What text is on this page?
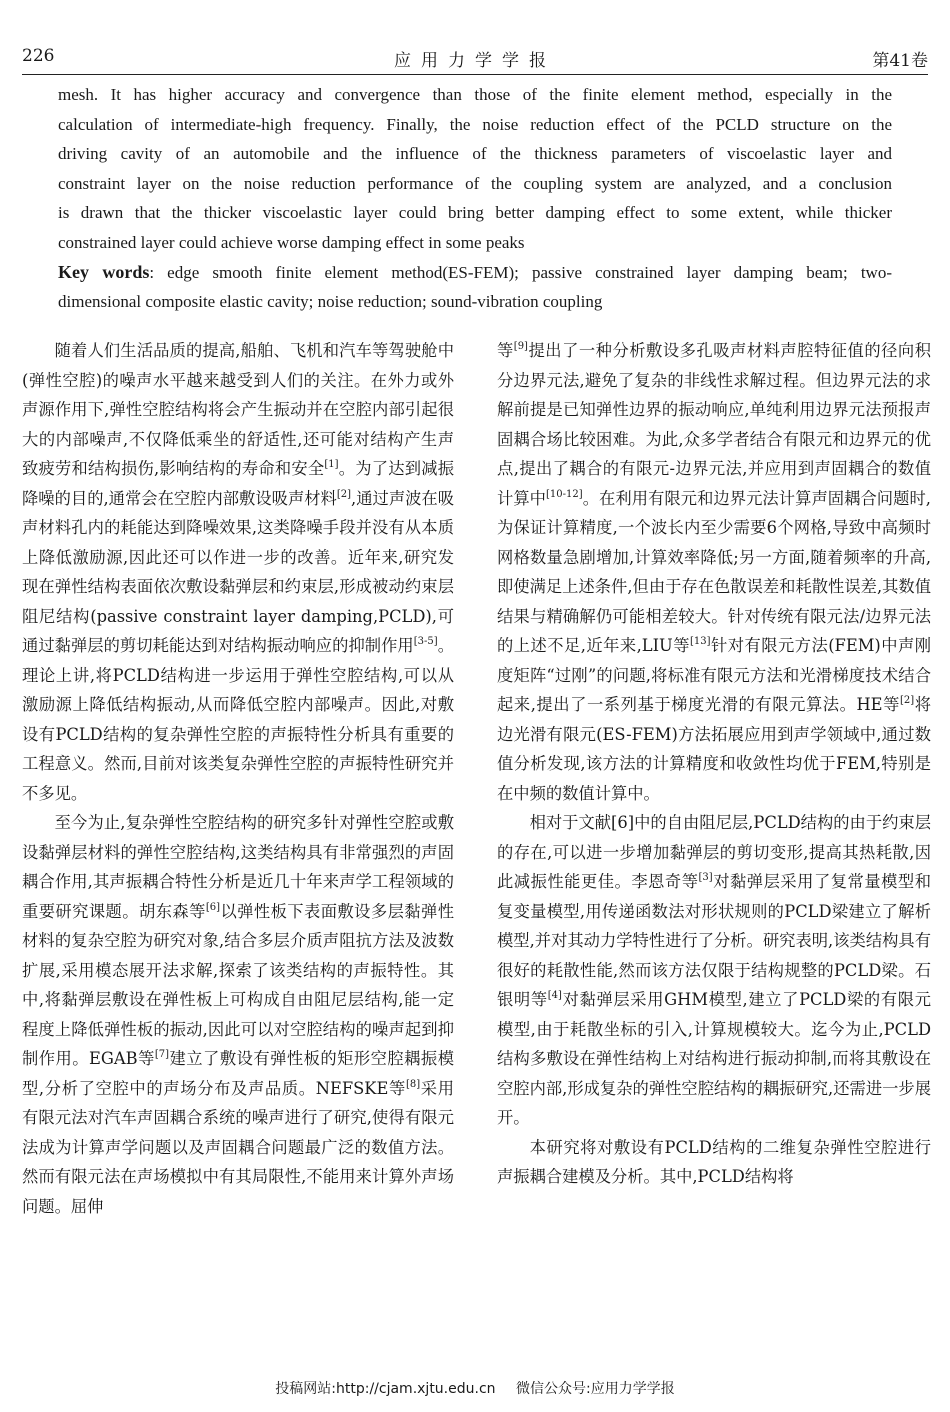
226	应用力学学报	第41卷
mesh. It has higher accuracy and convergence than those of the finite element method, especially in the
calculation of intermediate-high frequency. Finally, the noise reduction effect of the PCLD structure on the
driving cavity of an automobile and the influence of the thickness parameters of viscoelastic layer and
constraint layer on the noise reduction performance of the coupling system are analyzed, and a conclusion
is drawn that the thicker viscoelastic layer could bring better damping effect to some extent, while thicker
constrained layer could achieve worse damping effect in some peaks
Key words: edge smooth finite element method(ES-FEM); passive constrained layer damping beam; two-
dimensional composite elastic cavity; noise reduction; sound-vibration coupling

随着人们生活品质的提高,船舶、飞机和汽车等驾驶舱中(弹性空腔)的噪声水平越来越受到人们的关注。在外力或外声源作用下,弹性空腔结构将会产生振动并在空腔内部引起很大的内部噪声,不仅降低乘坐的舒适性,还可能对结构产生声致疲劳和结构损伤,影响结构的寿命和安全[1]。为了达到减振降噪的目的,通常会在空腔内部敷设吸声材料[2],通过声波在吸声材料孔内的耗能达到降噪效果,这类降噪手段并没有从本质上降低激励源,因此还可以作进一步的改善。近年来,研究发现在弹性结构表面依次敷设黏弹层和约束层,形成被动约束层阻尼结构(passive constraint layer damping,PCLD),可通过黏弹层的剪切耗能达到对结构振动响应的抑制作用[3-5]。理论上讲,将PCLD结构进一步运用于弹性空腔结构,可以从激励源上降低结构振动,从而降低空腔内部噪声。因此,对敷设有PCLD结构的复杂弹性空腔的声振特性分析具有重要的工程意义。然而,目前对该类复杂弹性空腔的声振特性研究并不多见。

至今为止,复杂弹性空腔结构的研究多针对弹性空腔或敷设黏弹层材料的弹性空腔结构,这类结构具有非常强烈的声固耦合作用,其声振耦合特性分析是近几十年来声学工程领域的重要研究课题。胡东森等[6]以弹性板下表面敷设多层黏弹性材料的复杂空腔为研究对象,结合多层介质声阻抗方法及波数扩展,采用模态展开法求解,探索了该类结构的声振特性。其中,将黏弹层敷设在弹性板上可构成自由阻尼层结构,能一定程度上降低弹性板的振动,因此可以对空腔结构的噪声起到抑制作用。EGAB等[7]建立了敷设有弹性板的矩形空腔耦振模型,分析了空腔中的声场分布及声品质。NEFSKE等[8]采用有限元法对汽车声固耦合系统的噪声进行了研究,使得有限元法成为计算声学问题以及声固耦合问题最广泛的数值方法。然而有限元法在声场模拟中有其局限性,不能用来计算外声场问题。屈伸

等[9]提出了一种分析敷设多孔吸声材料声腔特征值的径向积分边界元法,避免了复杂的非线性求解过程。但边界元法的求解前提是已知弹性边界的振动响应,单纯利用边界元法预报声固耦合场比较困难。为此,众多学者结合有限元和边界元的优点,提出了耦合的有限元-边界元法,并应用到声固耦合的数值计算中[10-12]。在利用有限元和边界元法计算声固耦合问题时,为保证计算精度,一个波长内至少需要6个网格,导致中高频时网格数量急剧增加,计算效率降低;另一方面,随着频率的升高,即使满足上述条件,但由于存在色散误差和耗散性误差,其数值结果与精确解仍可能相差较大。针对传统有限元法/边界元法的上述不足,近年来,LIU等[13]针对有限元方法(FEM)中声刚度矩阵“过刚”的问题,将标准有限元方法和光滑梯度技术结合起来,提出了一系列基于梯度光滑的有限元算法。HE等[2]将边光滑有限元(ES-FEM)方法拓展应用到声学领域中,通过数值分析发现,该方法的计算精度和收敛性均优于FEM,特别是在中频的数值计算中。

相对于文献[6]中的自由阻尼层,PCLD结构的由于约束层的存在,可以进一步增加黏弹层的剪切变形,提高其热耗散,因此减振性能更佳。李恩奇等[3]对黏弹层采用了复常量模型和复变量模型,用传递函数法对形状规则的PCLD梁建立了解析模型,并对其动力学特性进行了分析。研究表明,该类结构具有很好的耗散性能,然而该方法仅限于结构规整的PCLD梁。石银明等[4]对黏弹层采用GHM模型,建立了PCLD梁的有限元模型,由于耗散坐标的引入,计算规模较大。迄今为止,PCLD结构多敷设在弹性结构上对结构进行振动抑制,而将其敷设在空腔内部,形成复杂的弹性空腔结构的耦振研究,还需进一步展开。

本研究将对敷设有PCLD结构的二维复杂弹性空腔进行声振耦合建模及分析。其中,PCLD结构将

投稿网站:http://cjam.xjtu.edu.cn 微信公众号:应用力学学报
